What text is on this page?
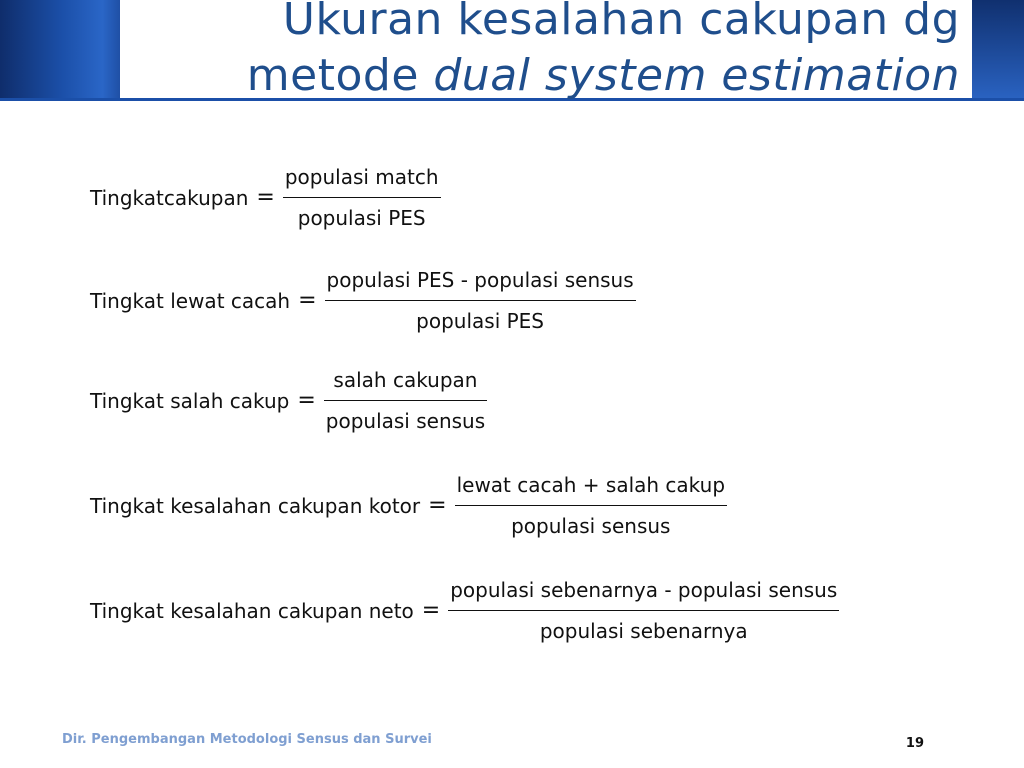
Ukuran kesalahan cakupan dg
metode dual system estimation
Tingkatcakupan = $\frac{\text{populasi match}}{\text{populasi PES}}$
Tingkat lewat cacah = $\frac{\text{populasi PES - populasi sensus}}{\text{populasi PES}}$
Tingkat salah cakup = $\frac{\text{salah cakupan}}{\text{populasi sensus}}$
Tingkat kesalahan cakupan kotor = $\frac{\text{lewat cacah + salah cakup}}{\text{populasi sensus}}$
Tingkat kesalahan cakupan neto = $\frac{\text{populasi sebenarnya - populasi sensus}}{\text{populasi sebenarnya}}$
Dir. Pengembangan Metodologi Sensus dan Survei	19
